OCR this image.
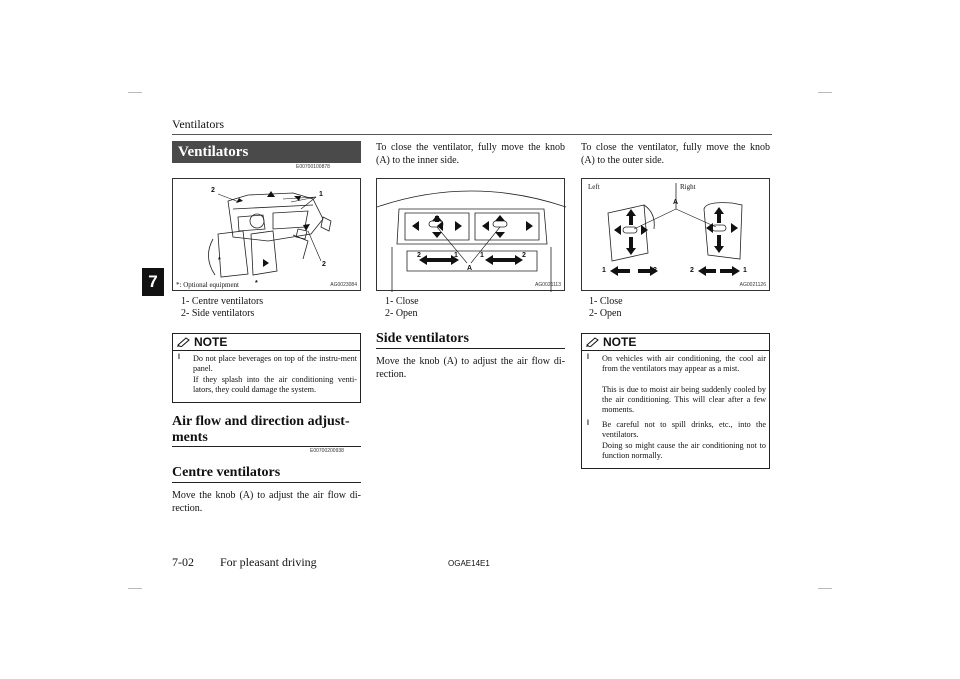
Ventilators
7
Ventilators
E00700100878
2
1
2
*
*
*: Optional equipment	AG0023084
1- Centre ventilators
2- Side ventilators
NOTE
l Do not place beverages on top of the instru-ment panel.
If they splash into the air conditioning venti-lators, they could damage the system.
Air flow and direction adjust-ments
E00700200938
Centre ventilators
Move the knob (A) to adjust the air flow di-rection.
To close the ventilator, fully move the knob (A) to the inner side.
2	1	1	2
A
AG0021113
1- Close
2- Open
Side ventilators
Move the knob (A) to adjust the air flow di-rection.
To close the ventilator, fully move the knob (A) to the outer side.
Left	Right
A
1	2	2	1
AG0021126
1- Close
2- Open
NOTE
l On vehicles with air conditioning, the cool air from the ventilators may appear as a mist.
This is due to moist air being suddenly cooled by the air conditioning. This will clear after a few moments.
l Be careful not to spill drinks, etc., into the ventilators.
Doing so might cause the air conditioning not to function normally.
7-02 For pleasant driving	OGAE14E1
